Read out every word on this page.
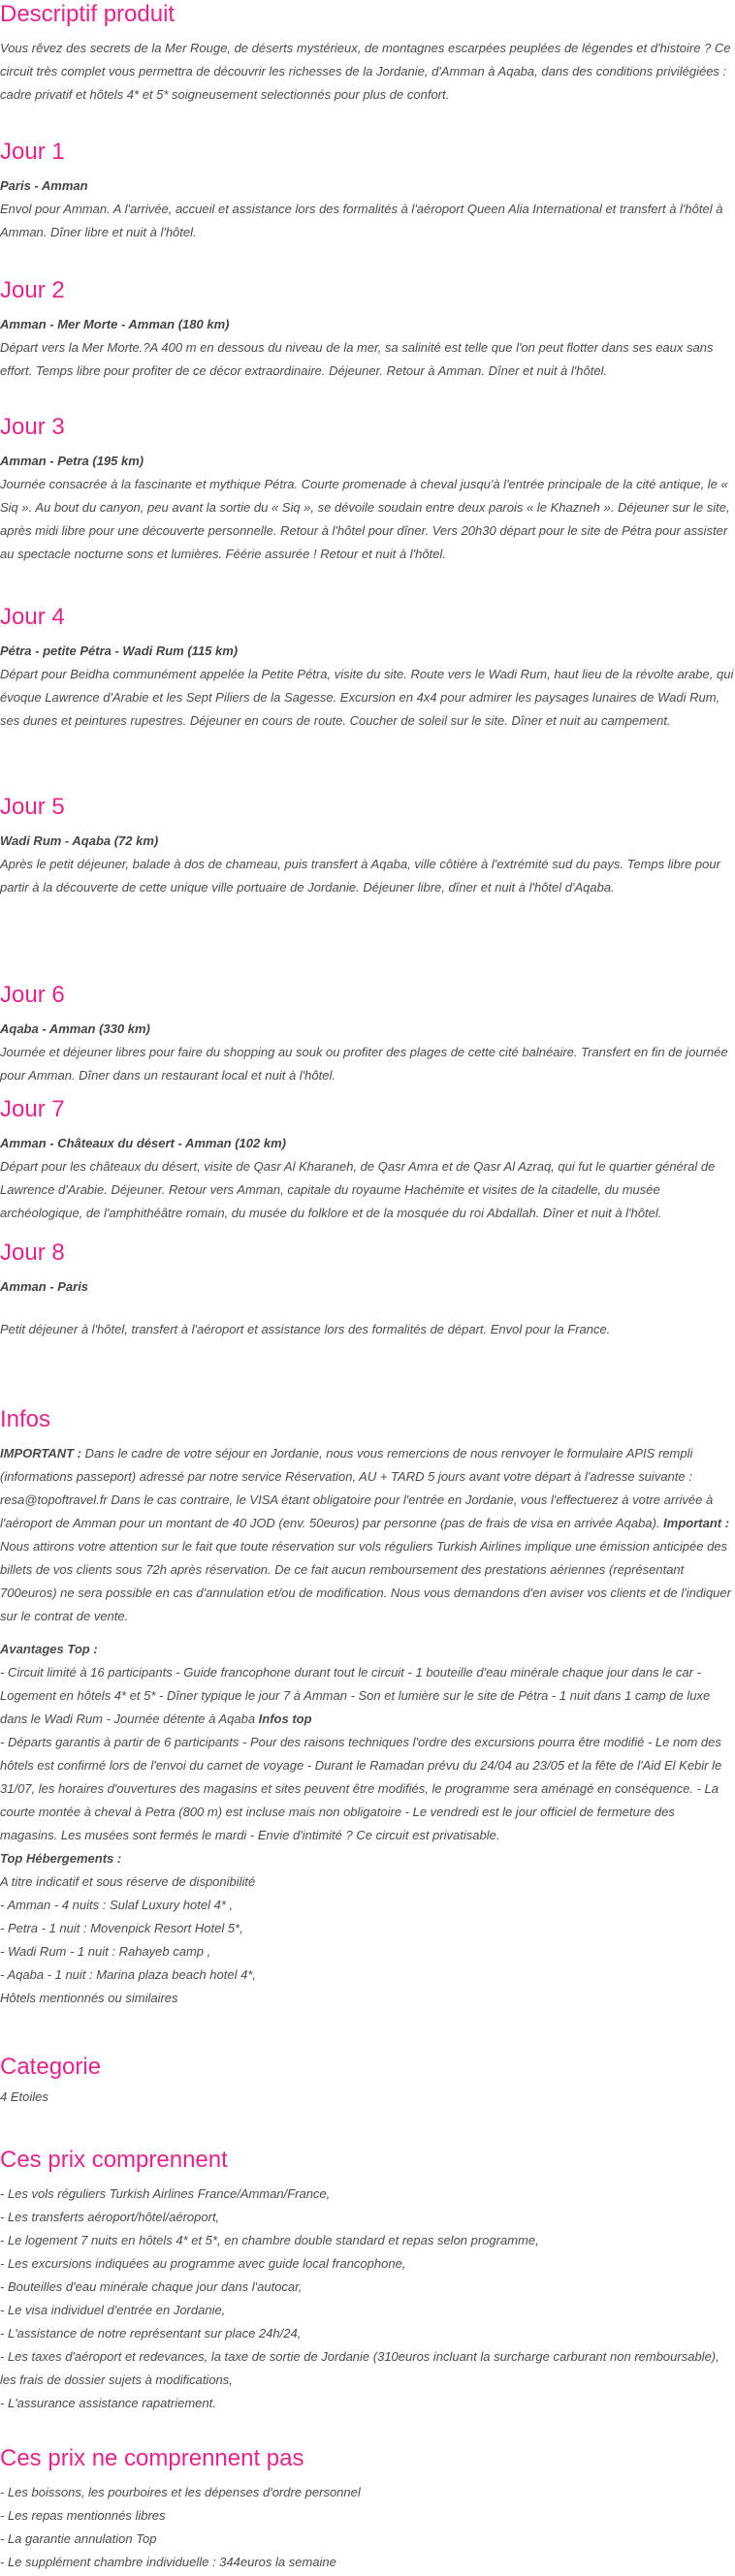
Descriptif produit

Vous rêvez des secrets de la Mer Rouge, de déserts mystérieux, de montagnes escarpées peuplées de légendes et d'histoire ? Ce circuit très complet vous permettra de découvrir les richesses de la Jordanie, d'Amman à Aqaba, dans des conditions privilégiées : cadre privatif et hôtels 4* et 5* soigneusement selectionnés pour plus de confort.

Jour 1
Paris - Amman

Envol pour Amman. A l'arrivée, accueil et assistance lors des formalités à l'aéroport Queen Alia International et transfert à l'hôtel à Amman. Dîner libre et nuit à l'hôtel.

Jour 2
Amman - Mer Morte - Amman (180 km)

Départ vers la Mer Morte.?A 400 m en dessous du niveau de la mer, sa salinité est telle que l'on peut flotter dans ses eaux sans effort. Temps libre pour profiter de ce décor extraordinaire. Déjeuner. Retour à Amman. Dîner et nuit à l'hôtel.

Jour 3
Amman - Petra (195 km)

Journée consacrée à la fascinante et mythique Pétra. Courte promenade à cheval jusqu'à l'entrée principale de la cité antique, le « Siq ». Au bout du canyon, peu avant la sortie du « Siq », se dévoile soudain entre deux parois « le Khazneh ». Déjeuner sur le site, après midi libre pour une découverte personnelle. Retour à l'hôtel pour dîner. Vers 20h30 départ pour le site de Pétra pour assister au spectacle nocturne sons et lumières. Féérie assurée ! Retour et nuit à l'hôtel.

Jour 4
Pétra - petite Pétra - Wadi Rum (115 km)

Départ pour Beidha communément appelée la Petite Pétra, visite du site. Route vers le Wadi Rum, haut lieu de la révolte arabe, qui évoque Lawrence d'Arabie et les Sept Piliers de la Sagesse. Excursion en 4x4 pour admirer les paysages lunaires de Wadi Rum, ses dunes et peintures rupestres. Déjeuner en cours de route. Coucher de soleil sur le site. Dîner et nuit au campement.

Jour 5
Wadi Rum - Aqaba (72 km)

Après le petit déjeuner, balade à dos de chameau, puis transfert à Aqaba, ville côtière à l'extrémité sud du pays. Temps libre pour partir à la découverte de cette unique ville portuaire de Jordanie. Déjeuner libre, dîner et nuit à l'hôtel d'Aqaba.

Jour 6
Aqaba - Amman (330 km)

Journée et déjeuner libres pour faire du shopping au souk ou profiter des plages de cette cité balnéaire. Transfert en fin de journée pour Amman. Dîner dans un restaurant local et nuit à l'hôtel.

Jour 7
Amman - Châteaux du désert - Amman (102 km)

Départ pour les châteaux du désert, visite de Qasr Al Kharaneh, de Qasr Amra et de Qasr Al Azraq, qui fut le quartier général de Lawrence d'Arabie. Déjeuner. Retour vers Amman, capitale du royaume Hachémite et visites de la citadelle, du musée archéologique, de l'amphithéâtre romain, du musée du folklore et de la mosquée du roi Abdallah. Dîner et nuit à l'hôtel.

Jour 8
Amman - Paris

Petit déjeuner à l'hôtel, transfert à l'aéroport et assistance lors des formalités de départ. Envol pour la France.

Infos

IMPORTANT : Dans le cadre de votre séjour en Jordanie, nous vous remercions de nous renvoyer le formulaire APIS rempli (informations passeport) adressé par notre service Réservation, AU + TARD 5 jours avant votre départ à l'adresse suivante : resa@topoftravel.fr Dans le cas contraire, le VISA étant obligatoire pour l'entrée en Jordanie, vous l'effectuerez à votre arrivée à l'aéroport de Amman pour un montant de 40 JOD (env. 50euros) par personne (pas de frais de visa en arrivée Aqaba). Important : Nous attirons votre attention sur le fait que toute réservation sur vols réguliers Turkish Airlines implique une émission anticipée des billets de vos clients sous 72h après réservation. De ce fait aucun remboursement des prestations aériennes (représentant 700euros) ne sera possible en cas d'annulation et/ou de modification. Nous vous demandons d'en aviser vos clients et de l'indiquer sur le contrat de vente.

Avantages Top :
- Circuit limité à 16 participants - Guide francophone durant tout le circuit - 1 bouteille d'eau minérale chaque jour dans le car - Logement en hôtels 4* et 5* - Dîner typique le jour 7 à Amman - Son et lumière sur le site de Pétra - 1 nuit dans 1 camp de luxe dans le Wadi Rum - Journée détente à Aqaba Infos top
- Départs garantis à partir de 6 participants - Pour des raisons techniques l'ordre des excursions pourra être modifié - Le nom des hôtels est confirmé lors de l'envoi du carnet de voyage - Durant le Ramadan prévu du 24/04 au 23/05 et la fête de l'Aid El Kebir le 31/07, les horaires d'ouvertures des magasins et sites peuvent être modifiés, le programme sera aménagé en conséquence. - La courte montée à cheval à Petra (800 m) est incluse mais non obligatoire - Le vendredi est le jour officiel de fermeture des magasins. Les musées sont fermés le mardi - Envie d'intimité ? Ce circuit est privatisable.
Top Hébergements :
A titre indicatif et sous réserve de disponibilité
- Amman - 4 nuits : Sulaf Luxury hotel 4* ,
- Petra - 1 nuit : Movenpick Resort Hotel 5*,
- Wadi Rum - 1 nuit : Rahayeb camp ,
- Aqaba - 1 nuit : Marina plaza beach hotel 4*,
Hôtels mentionnés ou similaires

Categorie

4 Etoiles

Ces prix comprennent

- Les vols réguliers Turkish Airlines France/Amman/France,
- Les transferts aéroport/hôtel/aéroport,
- Le logement 7 nuits en hôtels 4* et 5*, en chambre double standard et repas selon programme,
- Les excursions indiquées au programme avec guide local francophone,
- Bouteilles d'eau minérale chaque jour dans l'autocar,
- Le visa individuel d'entrée en Jordanie,
- L'assistance de notre représentant sur place 24h/24,
- Les taxes d'aéroport et redevances, la taxe de sortie de Jordanie (310euros incluant la surcharge carburant non remboursable), les frais de dossier sujets à modifications,
- L'assurance assistance rapatriement.

Ces prix ne comprennent pas

- Les boissons, les pourboires et les dépenses d'ordre personnel
- Les repas mentionnés libres
- La garantie annulation Top
- Le supplément chambre individuelle : 344euros la semaine
